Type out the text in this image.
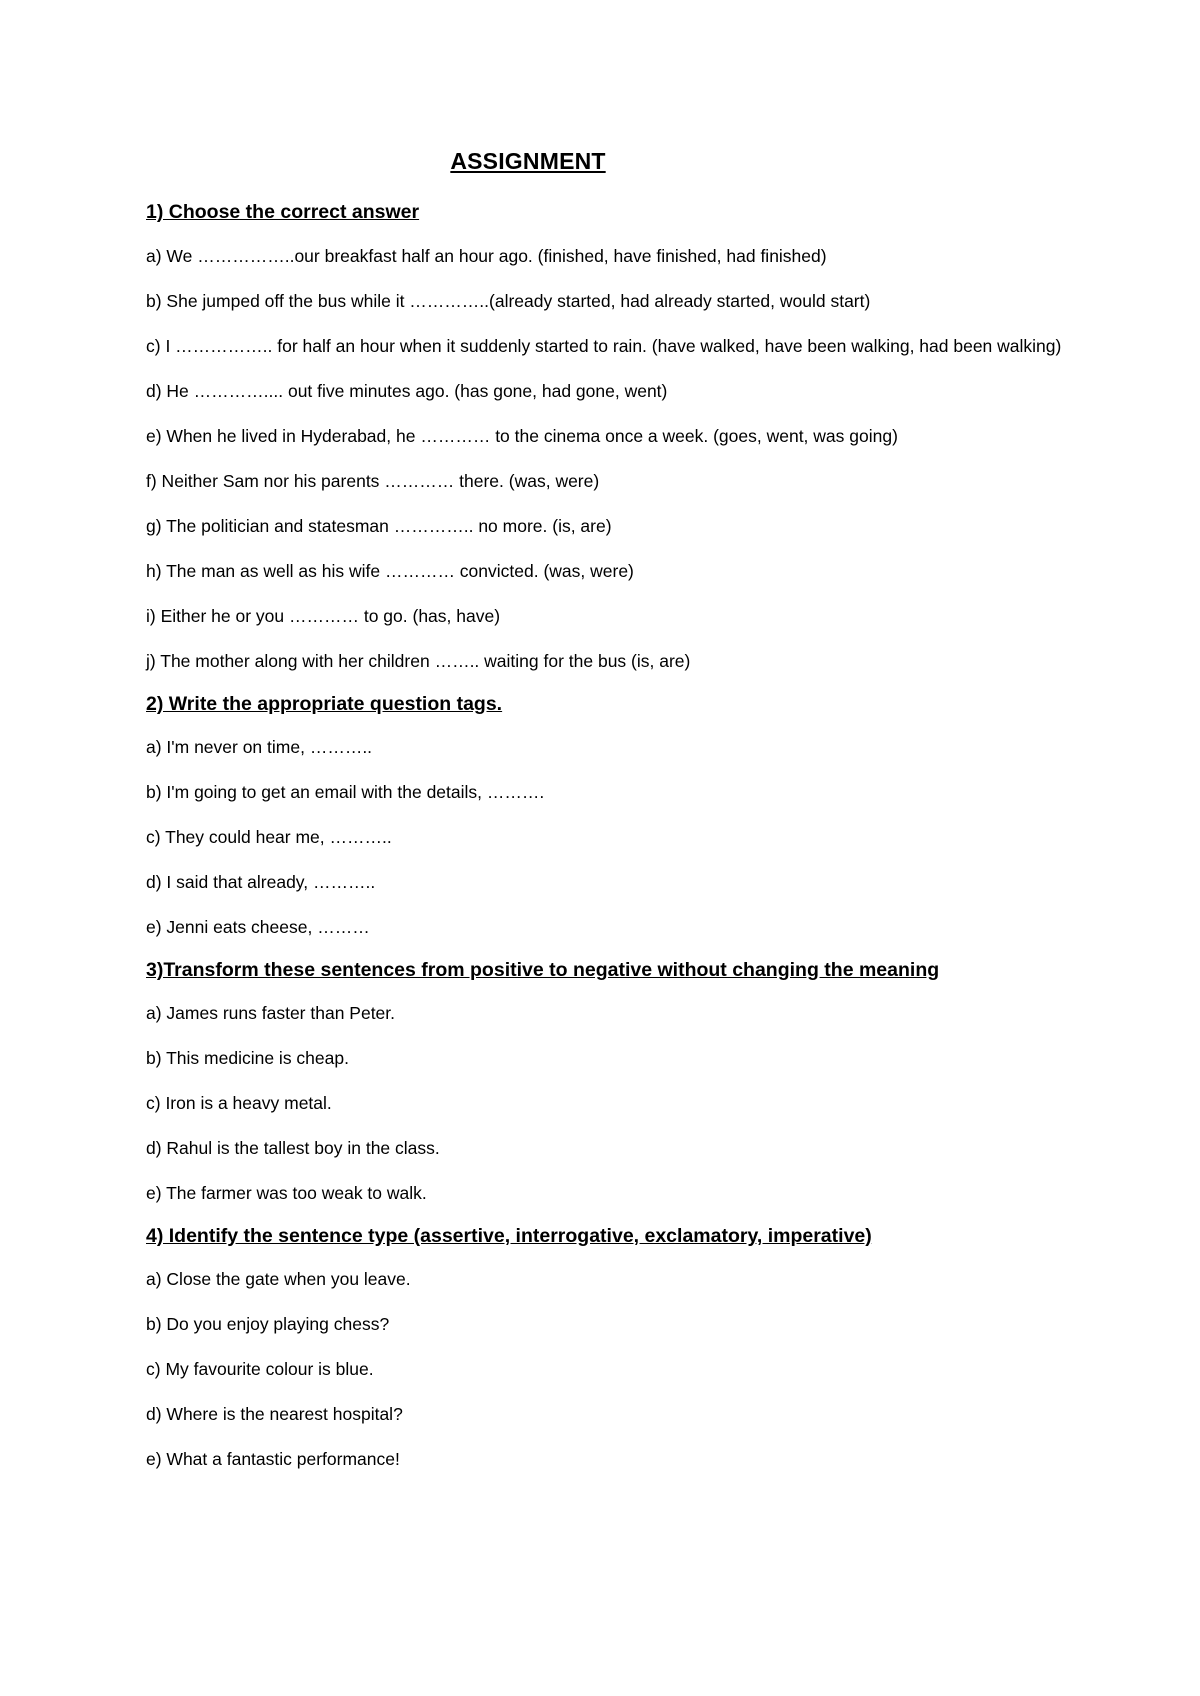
ASSIGNMENT

1) Choose the correct answer

a) We ……………..our breakfast half an hour ago. (finished, have finished, had finished)

b) She jumped off the bus while it …………..(already started, had already started, would start)

c) I …………….. for half an hour when it suddenly started to rain. (have walked, have been walking, had been walking)

d) He ………….... out five minutes ago. (has gone, had gone, went)

e) When he lived in Hyderabad, he ………… to the cinema once a week. (goes, went, was going)

f) Neither Sam nor his parents ………… there. (was, were)

g) The politician and statesman ………….. no more. (is, are)

h) The man as well as his wife ………… convicted. (was, were)

i) Either he or you ………… to go. (has, have)

j) The mother along with her children …….. waiting for the bus (is, are)

2) Write the appropriate question tags.

a) I'm never on time, ………..

b) I'm going to get an email with the details, ……….

c) They could hear me, ………..

d) I said that already, ………..

e) Jenni eats cheese, ………

3)Transform these sentences from positive to negative without changing the meaning

a) James runs faster than Peter.

b) This medicine is cheap.

c) Iron is a heavy metal.

d) Rahul is the tallest boy in the class.

e) The farmer was too weak to walk.

4) Identify the sentence type (assertive, interrogative, exclamatory, imperative)

a) Close the gate when you leave.

b) Do you enjoy playing chess?

c) My favourite colour is blue.

d) Where is the nearest hospital?

e) What a fantastic performance!
